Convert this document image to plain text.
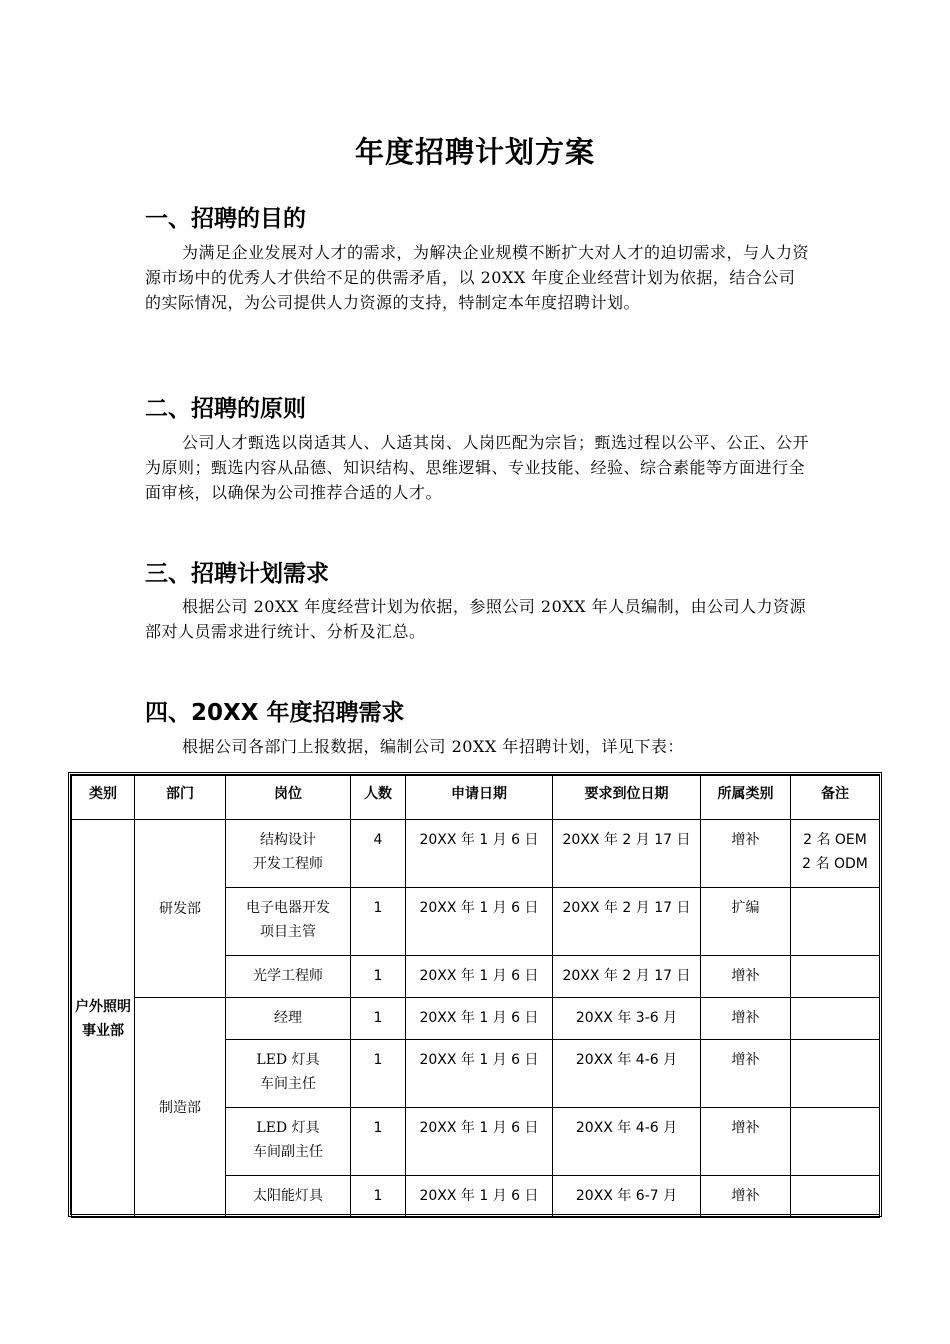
年度招聘计划方案
一、招聘的目的

为满足企业发展对人才的需求，为解决企业规模不断扩大对人才的迫切需求，与人力资源市场中的优秀人才供给不足的供需矛盾，以 20XX 年度企业经营计划为依据，结合公司的实际情况，为公司提供人力资源的支持，特制定本年度招聘计划。

二、招聘的原则

公司人才甄选以岗适其人、人适其岗、人岗匹配为宗旨；甄选过程以公平、公正、公开为原则；甄选内容从品德、知识结构、思维逻辑、专业技能、经验、综合素能等方面进行全面审核，以确保为公司推荐合适的人才。

三、招聘计划需求

根据公司 20XX 年度经营计划为依据，参照公司 20XX 年人员编制，由公司人力资源部对人员需求进行统计、分析及汇总。

四、20XX 年度招聘需求

根据公司各部门上报数据，编制公司 20XX 年招聘计划，详见下表：

类别	部门	岗位	人数	申请日期	要求到位日期	所属类别	备注
户外照明事业部	研发部	结构设计
开发工程师	4	20XX 年 1 月 6 日	20XX 年 2 月 17 日	增补	2 名 OEM
2 名 ODM

		电子电器开发
项目主管	1	20XX 年 1 月 6 日	20XX 年 2 月 17 日	扩编	
		光学工程师	1	20XX 年 1 月 6 日	20XX 年 2 月 17 日	增补	
	制造部	经理	1	20XX 年 1 月 6 日	20XX 年 3-6 月	增补	

		LED 灯具
车间主任	1	20XX 年 1 月 6 日	20XX 年 4-6 月	增补	

		LED 灯具
车间副主任	1	20XX 年 1 月 6 日	20XX 年 4-6 月	增补	
		太阳能灯具	1	20XX 年 1 月 6 日	20XX 年 6-7 月	增补	
